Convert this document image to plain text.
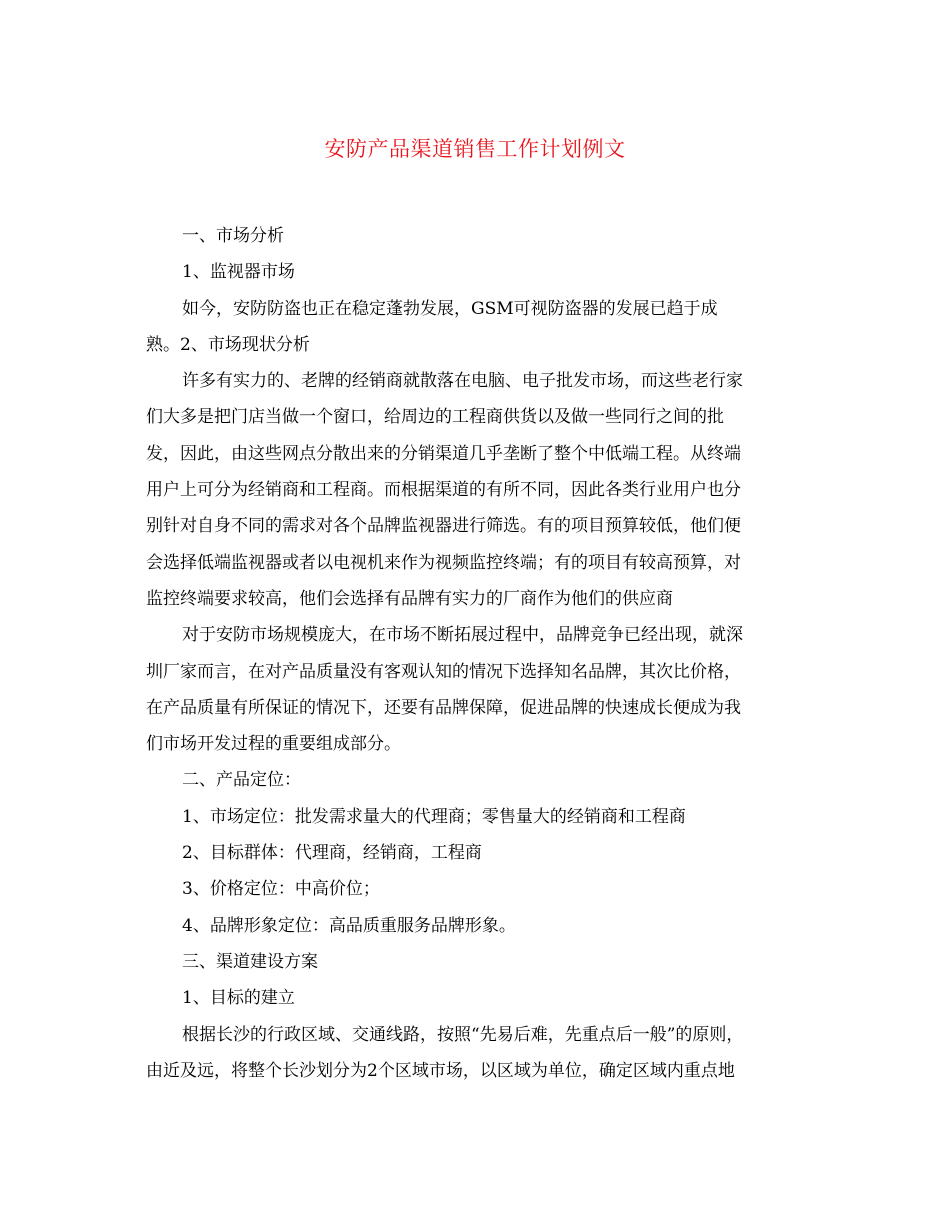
安防产品渠道销售工作计划例文
一、市场分析
1、监视器市场
如今，安防防盗也正在稳定蓬勃发展，GSM可视防盗器的发展已趋于成
熟。2、市场现状分析
许多有实力的、老牌的经销商就散落在电脑、电子批发市场，而这些老行家
们大多是把门店当做一个窗口，给周边的工程商供货以及做一些同行之间的批
发，因此，由这些网点分散出来的分销渠道几乎垄断了整个中低端工程。从终端
用户上可分为经销商和工程商。而根据渠道的有所不同，因此各类行业用户也分
别针对自身不同的需求对各个品牌监视器进行筛选。有的项目预算较低，他们便
会选择低端监视器或者以电视机来作为视频监控终端；有的项目有较高预算，对
监控终端要求较高，他们会选择有品牌有实力的厂商作为他们的供应商
对于安防市场规模庞大，在市场不断拓展过程中，品牌竞争已经出现，就深
圳厂家而言，在对产品质量没有客观认知的情况下选择知名品牌，其次比价格，
在产品质量有所保证的情况下，还要有品牌保障，促进品牌的快速成长便成为我
们市场开发过程的重要组成部分。
二、产品定位：
1、市场定位：批发需求量大的代理商；零售量大的经销商和工程商
2、目标群体：代理商，经销商，工程商
3、价格定位：中高价位；
4、品牌形象定位：高品质重服务品牌形象。
三、渠道建设方案
1、目标的建立
根据长沙的行政区域、交通线路，按照“先易后难，先重点后一般”的原则，
由近及远，将整个长沙划分为2个区域市场，以区域为单位，确定区域内重点地
